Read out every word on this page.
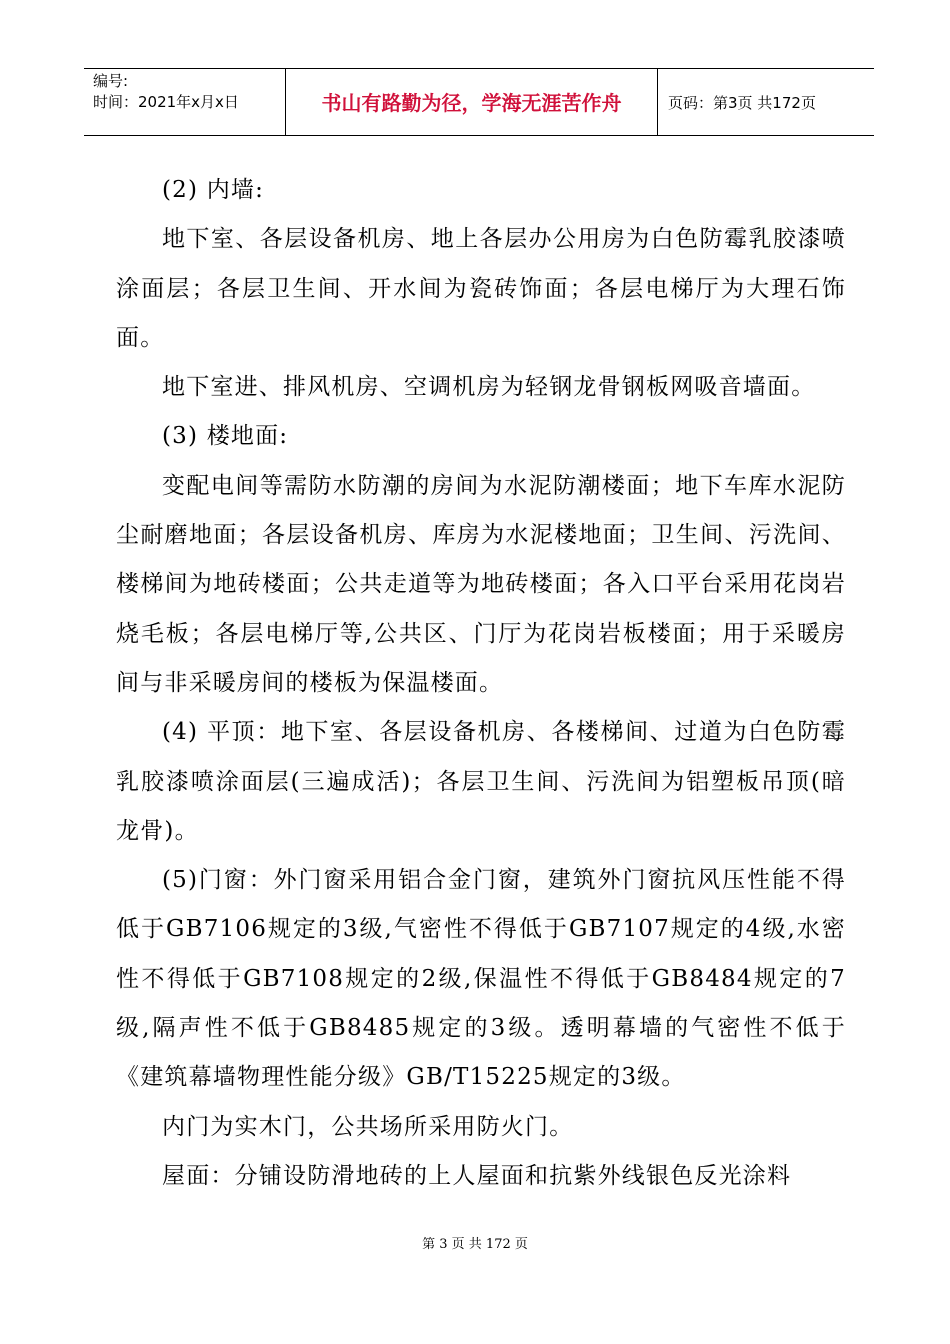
编号:
时间：2021年x月x日	书山有路勤为径，学海无涯苦作舟	页码：第3页 共172页

(2) 内墙:

地下室、各层设备机房、地上各层办公用房为白色防霉乳胶漆喷涂面层；各层卫生间、开水间为瓷砖饰面；各层电梯厅为大理石饰面。

地下室进、排风机房、空调机房为轻钢龙骨钢板网吸音墙面。

(3) 楼地面:

变配电间等需防水防潮的房间为水泥防潮楼面；地下车库水泥防尘耐磨地面；各层设备机房、库房为水泥楼地面；卫生间、污洗间、楼梯间为地砖楼面；公共走道等为地砖楼面；各入口平台采用花岗岩烧毛板；各层电梯厅等,公共区、门厅为花岗岩板楼面；用于采暖房间与非采暖房间的楼板为保温楼面。

(4) 平顶：地下室、各层设备机房、各楼梯间、过道为白色防霉乳胶漆喷涂面层(三遍成活)；各层卫生间、污洗间为铝塑板吊顶(暗龙骨)。

(5)门窗：外门窗采用铝合金门窗，建筑外门窗抗风压性能不得低于GB7106规定的3级,气密性不得低于GB7107规定的4级,水密性不得低于GB7108规定的2级,保温性不得低于GB8484规定的7级,隔声性不低于GB8485规定的3级。透明幕墙的气密性不低于《建筑幕墙物理性能分级》GB/T15225规定的3级。

内门为实木门，公共场所采用防火门。

屋面：分铺设防滑地砖的上人屋面和抗紫外线银色反光涂料

第 3 页 共 172 页
